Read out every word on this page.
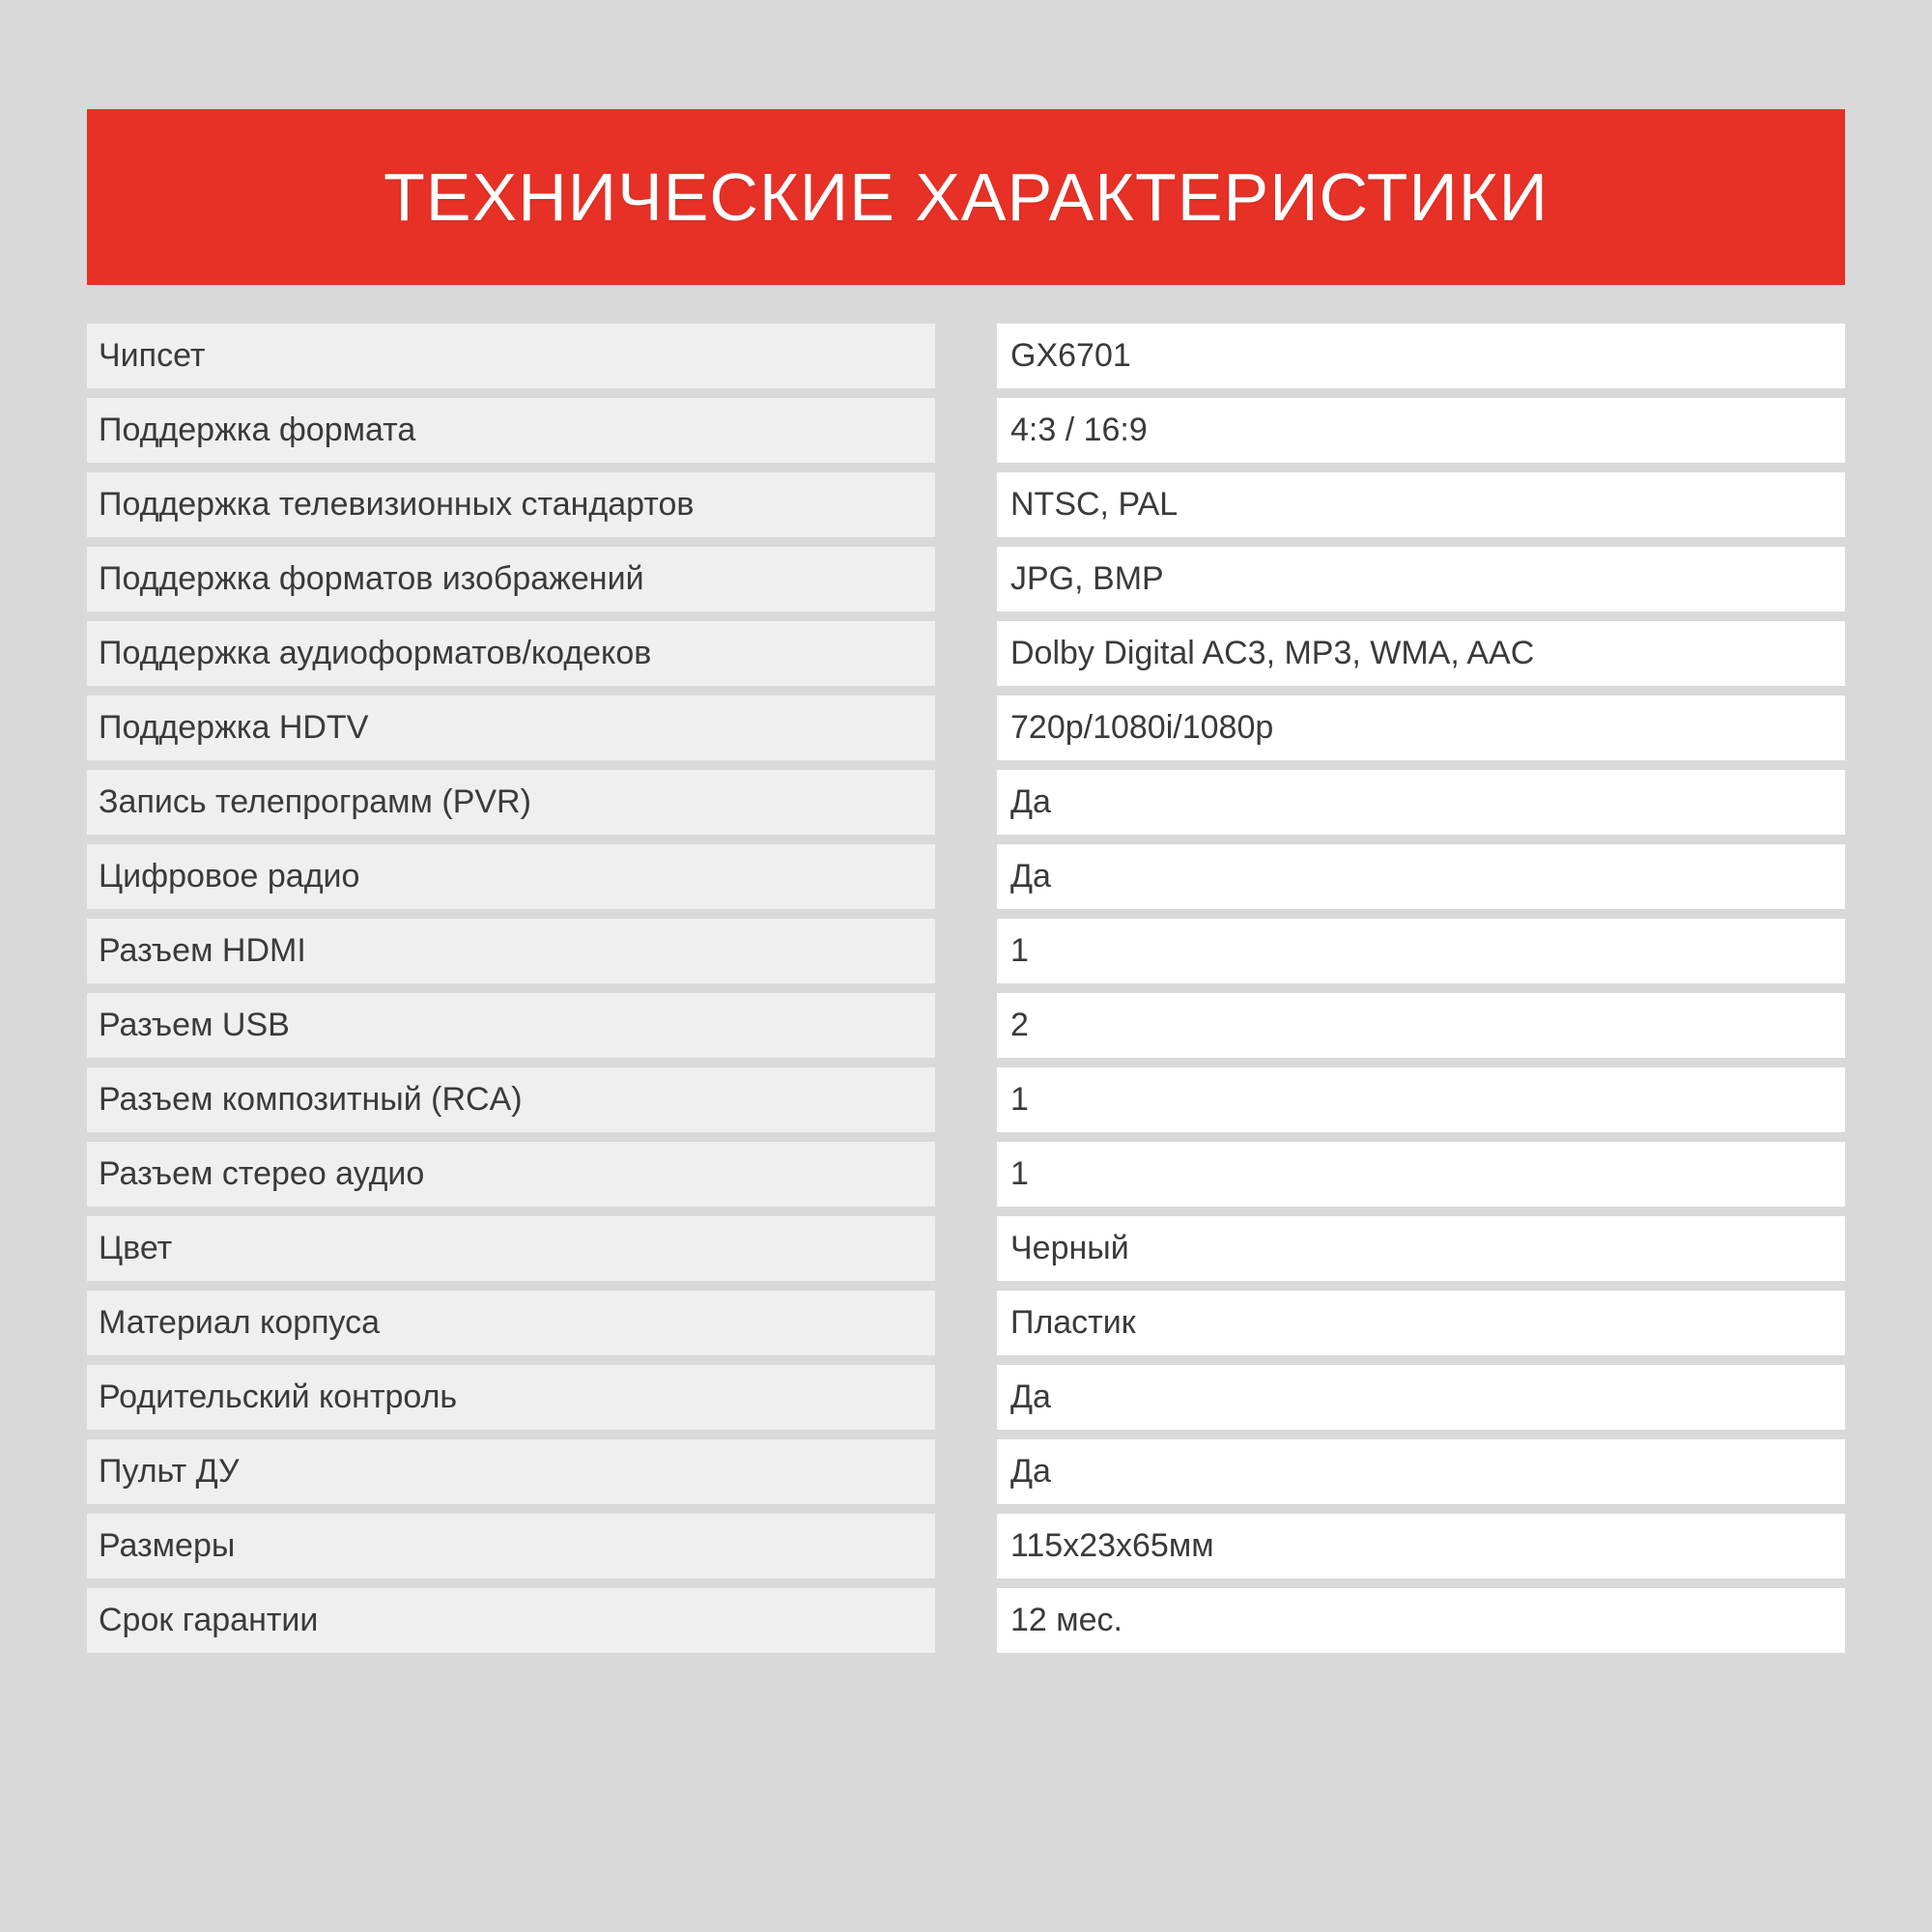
ТЕХНИЧЕСКИЕ ХАРАКТЕРИСТИКИ
Чипсет	GX6701
Поддержка формата	4:3 / 16:9
Поддержка телевизионных стандартов	NTSC, PAL
Поддержка форматов изображений	JPG, BMP
Поддержка аудиоформатов/кодеков	Dolby Digital AC3, MP3, WMA, AAC
Поддержка HDTV	720p/1080i/1080p
Запись телепрограмм (PVR)	Да
Цифровое радио	Да
Разъем HDMI	1
Разъем USB	2
Разъем композитный (RCA)	1
Разъем стерео аудио	1
Цвет	Черный
Материал корпуса	Пластик
Родительский контроль	Да
Пульт ДУ	Да
Размеры	115x23x65мм
Срок гарантии	12 мес.
